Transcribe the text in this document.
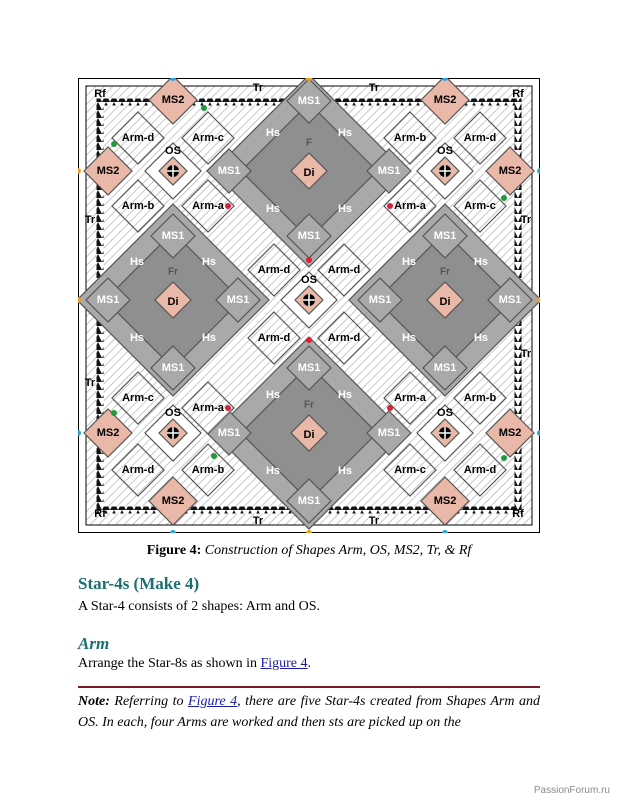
F
Di
Hs	Hs
Hs	Hs
Fr
Di
Hs	Hs
Hs	Hs
Fr
Di
Hs	Hs
Hs	Hs
Fr
Di
Hs	Hs
Hs	Hs
MS1
MS1	MS1
MS1	MS1
MS1
MS1	MS1	MS1	MS1
MS1	MS1
MS1
MS1	MS1
MS1
MS2	MS2
MS2	MS2
MS2	MS2
MS2	MS2
OS	OS
OS
OS	OS
Arm-d	Arm-c
Arm-b	Arm-a
Arm-b	Arm-d
Arm-a	Arm-c
Arm-d	Arm-d
Arm-d	Arm-d
Arm-c
Arm-a
Arm-d	Arm-b
Arm-a	Arm-b
Arm-c	Arm-d
Rf	Rf
Rf	Rf
Tr	Tr
Tr	Tr
Tr
Tr
Tr	Tr
Figure 4: Construction of Shapes Arm, OS, MS2, Tr, & Rf
Star-4s (Make 4)

A Star-4 consists of 2 shapes: Arm and OS.

Arm

Arrange the Star-8s as shown in Figure 4.

Note: Referring to Figure 4, there are five Star-4s created from Shapes Arm and OS. In each, four Arms are worked and then sts are picked up on the

PassionForum.ru
